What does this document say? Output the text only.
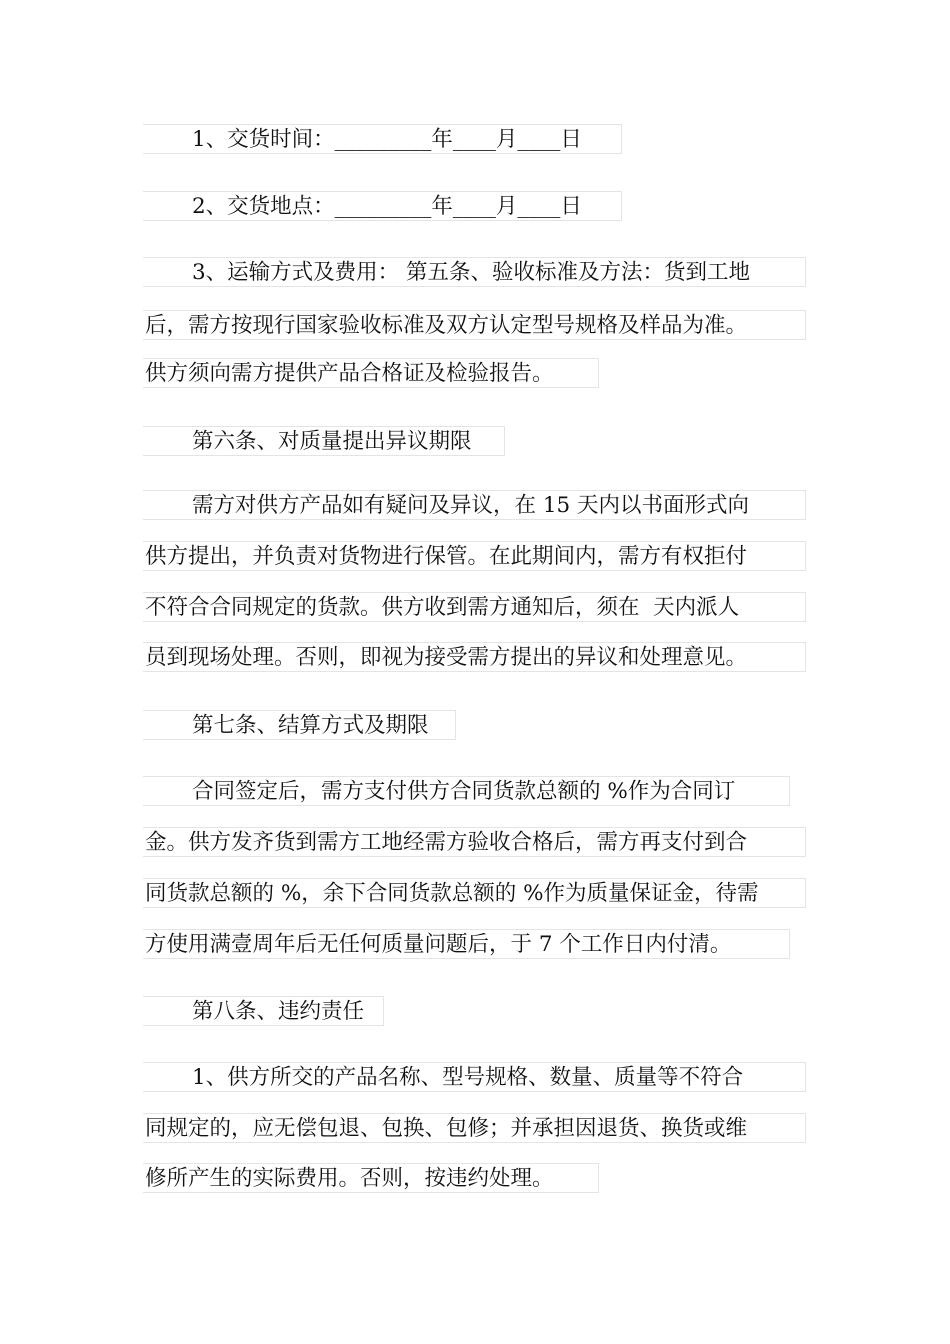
1、交货时间：_________年____月____日
2、交货地点：_________年____月____日
3、运输方式及费用： 第五条、验收标准及方法：货到工地
后，需方按现行国家验收标准及双方认定型号规格及样品为准。
供方须向需方提供产品合格证及检验报告。
第六条、对质量提出异议期限
需方对供方产品如有疑问及异议，在 15 天内以书面形式向
供方提出，并负责对货物进行保管。在此期间内，需方有权拒付
不符合合同规定的货款。供方收到需方通知后，须在  天内派人
员到现场处理。否则，即视为接受需方提出的异议和处理意见。
第七条、结算方式及期限
合同签定后，需方支付供方合同货款总额的 %作为合同订
金。供方发齐货到需方工地经需方验收合格后，需方再支付到合
同货款总额的 %，余下合同货款总额的 %作为质量保证金，待需
方使用满壹周年后无任何质量问题后，于 7 个工作日内付清。
第八条、违约责任
1、供方所交的产品名称、型号规格、数量、质量等不符合
同规定的，应无偿包退、包换、包修；并承担因退货、换货或维
修所产生的实际费用。否则，按违约处理。
